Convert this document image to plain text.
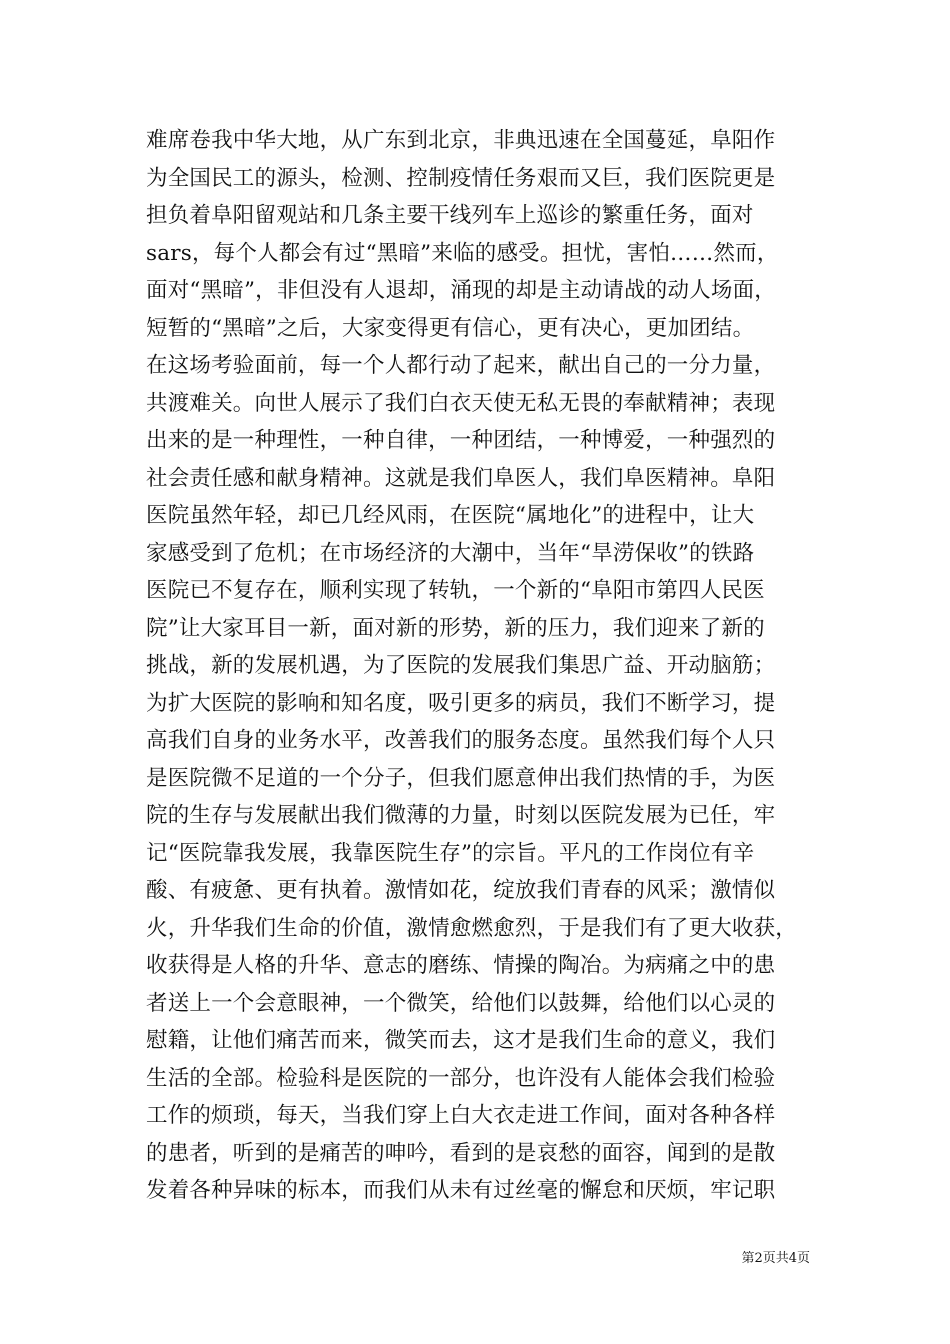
难席卷我中华大地，从广东到北京，非典迅速在全国蔓延，阜阳作
为全国民工的源头，检测、控制疫情任务艰而又巨，我们医院更是
担负着阜阳留观站和几条主要干线列车上巡诊的繁重任务，面对
sars，每个人都会有过“黑暗”来临的感受。担忧，害怕……然而，
面对“黑暗”，非但没有人退却，涌现的却是主动请战的动人场面，
短暂的“黑暗”之后，大家变得更有信心，更有决心，更加团结。
在这场考验面前，每一个人都行动了起来，献出自己的一分力量，
共渡难关。向世人展示了我们白衣天使无私无畏的奉献精神；表现
出来的是一种理性，一种自律，一种团结，一种博爱，一种强烈的
社会责任感和献身精神。这就是我们阜医人，我们阜医精神。阜阳
医院虽然年轻，却已几经风雨，在医院“属地化”的进程中，让大
家感受到了危机；在市场经济的大潮中，当年“旱涝保收”的铁路
医院已不复存在，顺利实现了转轨，一个新的“阜阳市第四人民医
院”让大家耳目一新，面对新的形势，新的压力，我们迎来了新的
挑战，新的发展机遇，为了医院的发展我们集思广益、开动脑筋；
为扩大医院的影响和知名度，吸引更多的病员，我们不断学习，提
高我们自身的业务水平，改善我们的服务态度。虽然我们每个人只
是医院微不足道的一个分子，但我们愿意伸出我们热情的手，为医
院的生存与发展献出我们微薄的力量，时刻以医院发展为已任，牢
记“医院靠我发展，我靠医院生存”的宗旨。平凡的工作岗位有辛
酸、有疲惫、更有执着。激情如花，绽放我们青春的风采；激情似
火，升华我们生命的价值，激情愈燃愈烈，于是我们有了更大收获，
收获得是人格的升华、意志的磨练、情操的陶冶。为病痛之中的患
者送上一个会意眼神，一个微笑，给他们以鼓舞，给他们以心灵的
慰籍，让他们痛苦而来，微笑而去，这才是我们生命的意义，我们
生活的全部。检验科是医院的一部分，也许没有人能体会我们检验
工作的烦琐，每天，当我们穿上白大衣走进工作间，面对各种各样
的患者，听到的是痛苦的呻吟，看到的是哀愁的面容，闻到的是散
发着各种异味的标本，而我们从未有过丝毫的懈怠和厌烦，牢记职
第2页共4页
